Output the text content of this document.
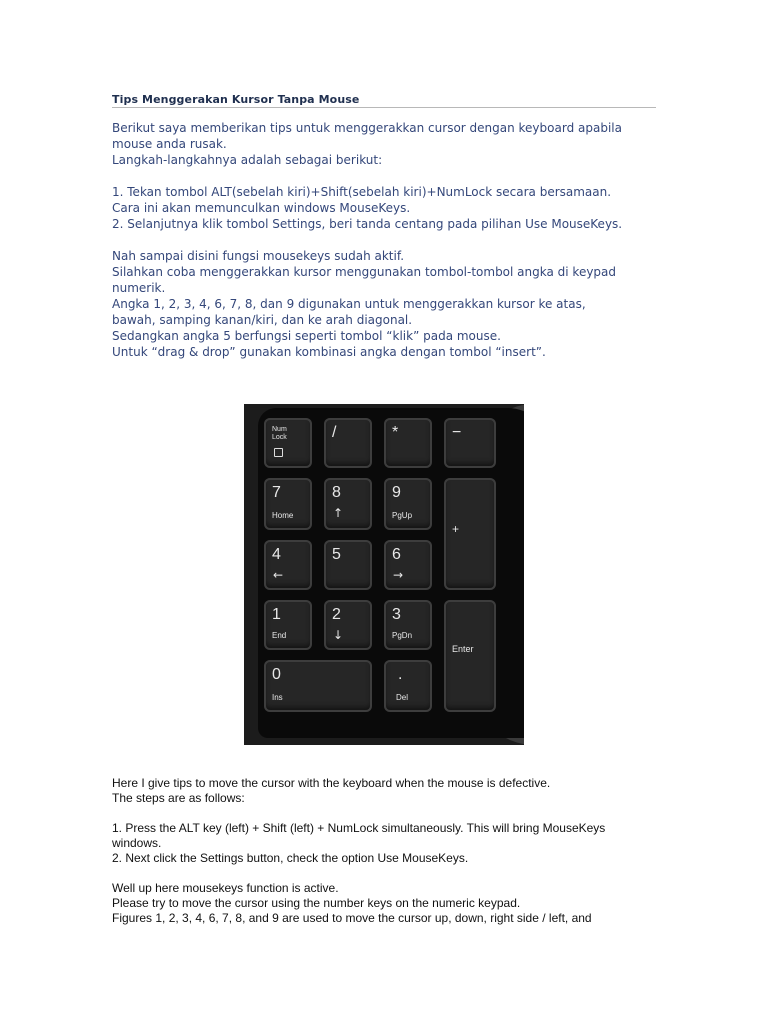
Tips Menggerakan Kursor Tanpa Mouse

Berikut saya memberikan tips untuk menggerakkan cursor dengan keyboard apabila

mouse anda rusak.

Langkah-langkahnya adalah sebagai berikut:

1. Tekan tombol ALT(sebelah kiri)+Shift(sebelah kiri)+NumLock secara bersamaan.

Cara ini akan memunculkan windows MouseKeys.

2. Selanjutnya klik tombol Settings, beri tanda centang pada pilihan Use MouseKeys.

Nah sampai disini fungsi mousekeys sudah aktif.

Silahkan coba menggerakkan kursor menggunakan tombol-tombol angka di keypad

numerik.

Angka 1, 2, 3, 4, 6, 7, 8, dan 9 digunakan untuk menggerakkan kursor ke atas,

bawah, samping kanan/kiri, dan ke arah diagonal.

Sedangkan angka 5 berfungsi seperti tombol “klik” pada mouse.

Untuk “drag & drop” gunakan kombinasi angka dengan tombol “insert”.

Num
Lock	/	*	−
7
Home
8
↑
9
PgUp
+
4
←
5	6
→
1
End
2
↓
3
PgDn
Enter
0
Ins
.
Del

Here I give tips to move the cursor with the keyboard when the mouse is defective.

The steps are as follows:

1. Press the ALT key (left) + Shift (left) + NumLock simultaneously. This will bring MouseKeys

windows.

2. Next click the Settings button, check the option Use MouseKeys.

Well up here mousekeys function is active.

Please try to move the cursor using the number keys on the numeric keypad.

Figures 1, 2, 3, 4, 6, 7, 8, and 9 are used to move the cursor up, down, right side / left, and
